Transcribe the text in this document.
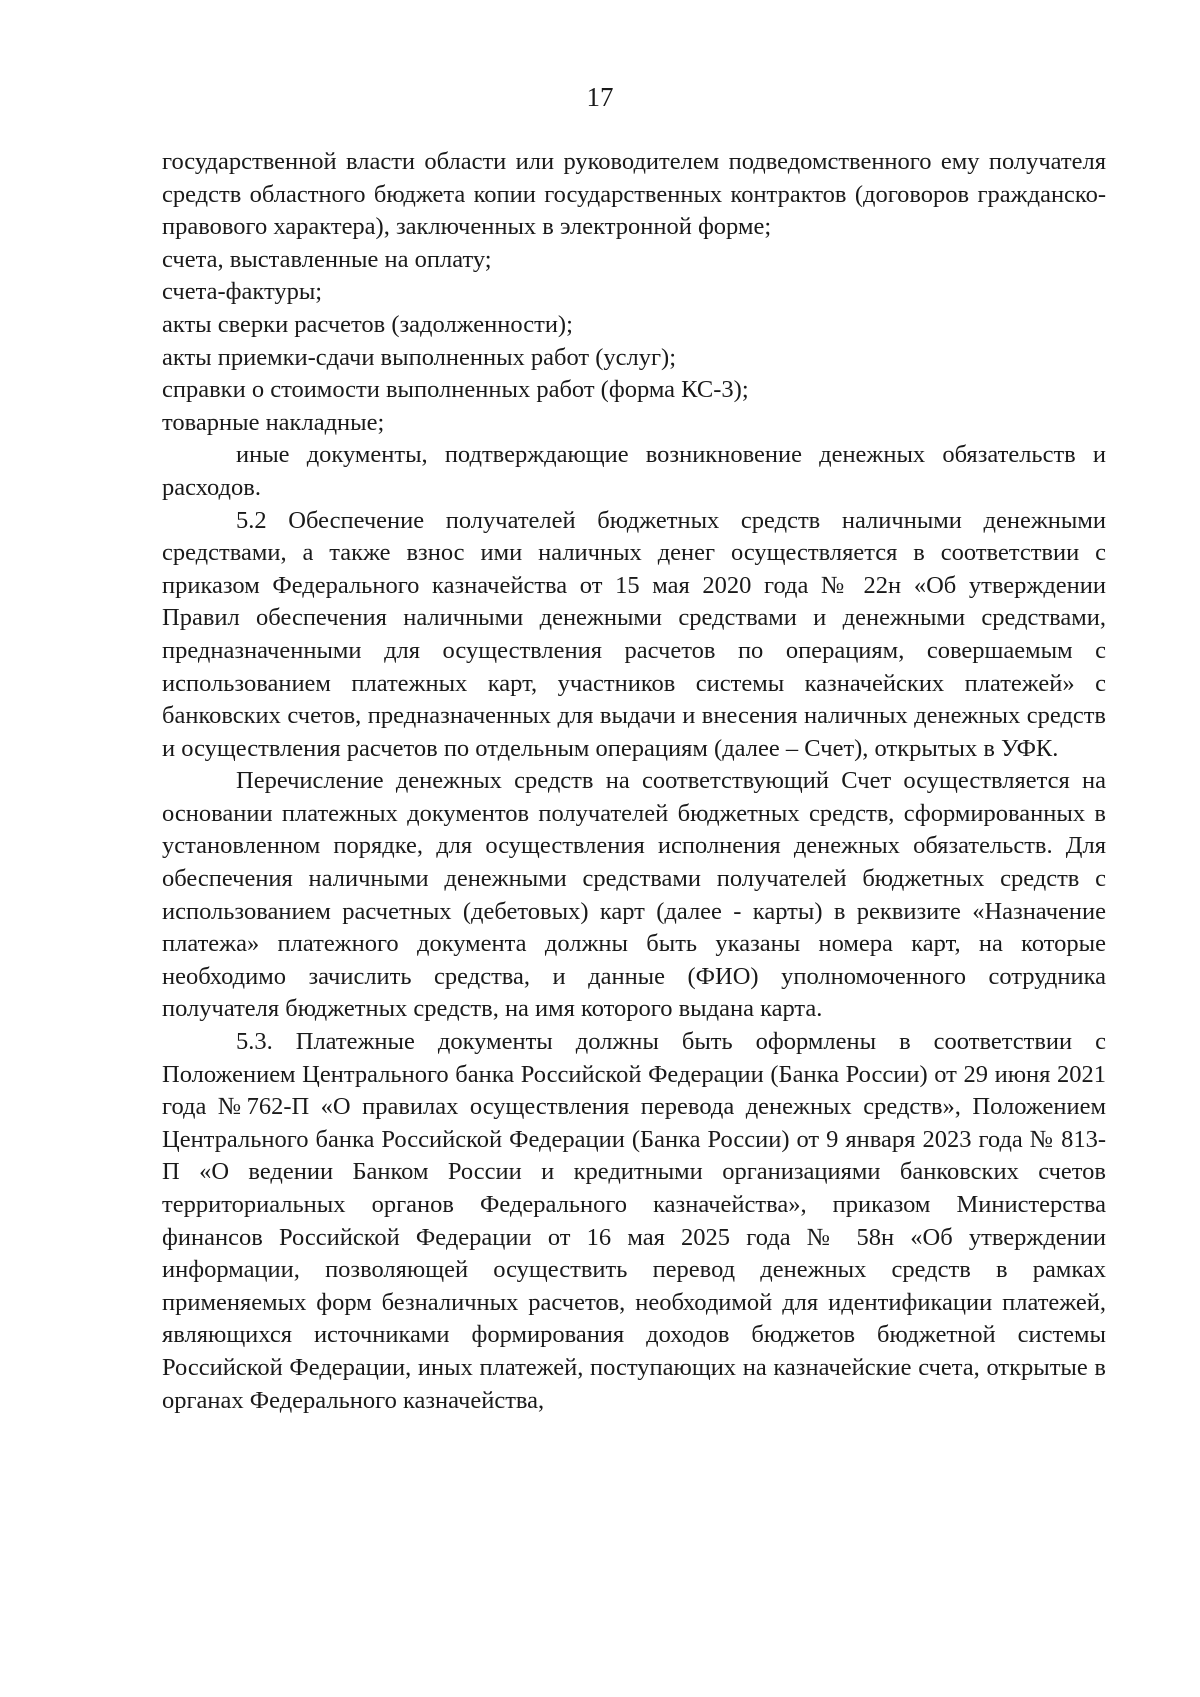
17

государственной власти области или руководителем подведомственного ему получателя средств областного бюджета копии государственных контрактов (договоров гражданско-правового характера), заключенных в электронной форме;

счета, выставленные на оплату;

счета-фактуры;

акты сверки расчетов (задолженности);

акты приемки-сдачи выполненных работ (услуг);

справки о стоимости выполненных работ (форма КС-3);

товарные накладные;

иные документы, подтверждающие возникновение денежных обязательств и расходов.

5.2 Обеспечение получателей бюджетных средств наличными денежными средствами, а также взнос ими наличных денег осуществляется в соответствии с приказом Федерального казначейства от 15 мая 2020 года № 22н «Об утверждении Правил обеспечения наличными денежными средствами и денежными средствами, предназначенными для осуществления расчетов по операциям, совершаемым с использованием платежных карт, участников системы казначейских платежей» с банковских счетов, предназначенных для выдачи и внесения наличных денежных средств и осуществления расчетов по отдельным операциям (далее – Счет), открытых в УФК.

Перечисление денежных средств на соответствующий Счет осуществляется на основании платежных документов получателей бюджетных средств, сформированных в установленном порядке, для осуществления исполнения денежных обязательств. Для обеспечения наличными денежными средствами получателей бюджетных средств с использованием расчетных (дебетовых) карт (далее - карты) в реквизите «Назначение платежа» платежного документа должны быть указаны номера карт, на которые необходимо зачислить средства, и данные (ФИО) уполномоченного сотрудника получателя бюджетных средств, на имя которого выдана карта.

5.3. Платежные документы должны быть оформлены в соответствии с Положением Центрального банка Российской Федерации (Банка России) от 29 июня 2021 года №762-П «О правилах осуществления перевода денежных средств», Положением Центрального банка Российской Федерации (Банка России) от 9 января 2023 года № 813-П «О ведении Банком России и кредитными организациями банковских счетов территориальных органов Федерального казначейства», приказом Министерства финансов Российской Федерации от 16 мая 2025 года № 58н «Об утверждении информации, позволяющей осуществить перевод денежных средств в рамках применяемых форм безналичных расчетов, необходимой для идентификации платежей, являющихся источниками формирования доходов бюджетов бюджетной системы Российской Федерации, иных платежей, поступающих на казначейские счета, открытые в органах Федерального казначейства,
